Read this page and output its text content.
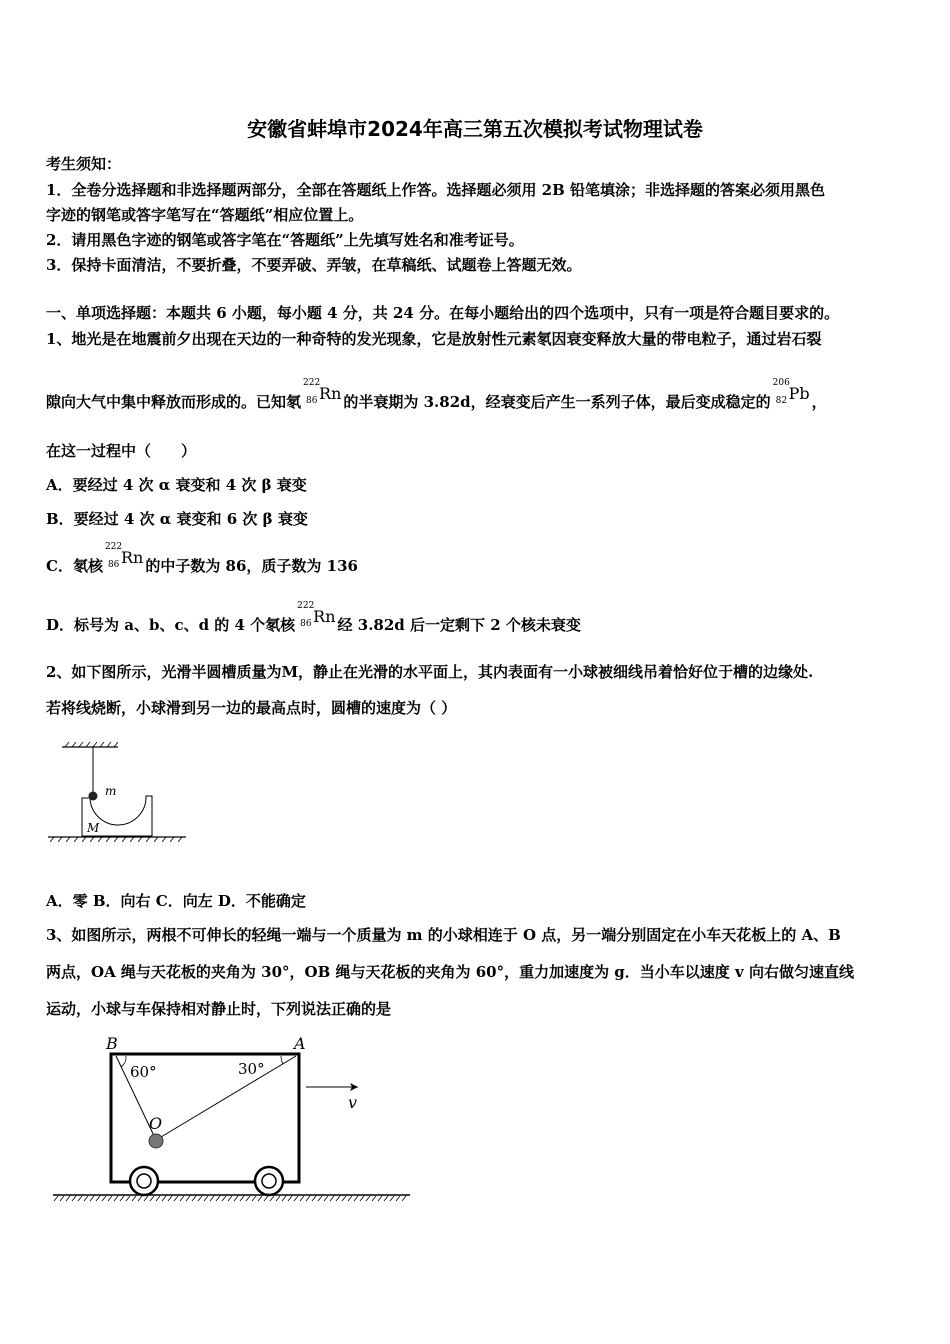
安徽省蚌埠市2024年高三第五次模拟考试物理试卷
考生须知：
1．全卷分选择题和非选择题两部分，全部在答题纸上作答。选择题必须用 2B 铅笔填涂；非选择题的答案必须用黑色
字迹的钢笔或答字笔写在“答题纸”相应位置上。
2．请用黑色字迹的钢笔或答字笔在“答题纸”上先填写姓名和准考证号。
3．保持卡面清洁，不要折叠，不要弄破、弄皱，在草稿纸、试题卷上答题无效。
一、单项选择题：本题共 6 小题，每小题 4 分，共 24 分。在每小题给出的四个选项中，只有一项是符合题目要求的。
1、地光是在地震前夕出现在天边的一种奇特的发光现象，它是放射性元素氡因衰变释放大量的带电粒子，通过岩石裂
隙向大气中集中释放而形成的。已知氡
222
86 Rn 的半衰期为 3.82d，经衰变后产生一系列子体，最后变成稳定的
206
82 Pb ，
在这一过程中（　　）
A．要经过 4 次 α 衰变和 4 次 β 衰变
B．要经过 4 次 α 衰变和 6 次 β 衰变
C．氡核
222
86 Rn 的中子数为 86，质子数为 136
D．标号为 a、b、c、d 的 4 个氡核
222
86 Rn 经 3.82d 后一定剩下 2 个核未衰变
2、如下图所示，光滑半圆槽质量为M，静止在光滑的水平面上，其内表面有一小球被细线吊着恰好位于槽的边缘处.
若将线烧断，小球滑到另一边的最高点时，圆槽的速度为（ ）
m
M
A．零 B．向右 C．向左 D．不能确定
3、如图所示，两根不可伸长的轻绳一端与一个质量为 m 的小球相连于 O 点，另一端分别固定在小车天花板上的 A、B
两点，OA 绳与天花板的夹角为 30°，OB 绳与天花板的夹角为 60°，重力加速度为 g．当小车以速度 v 向右做匀速直线
运动，小球与车保持相对静止时，下列说法正确的是
B	A
60°	30°
O
v
